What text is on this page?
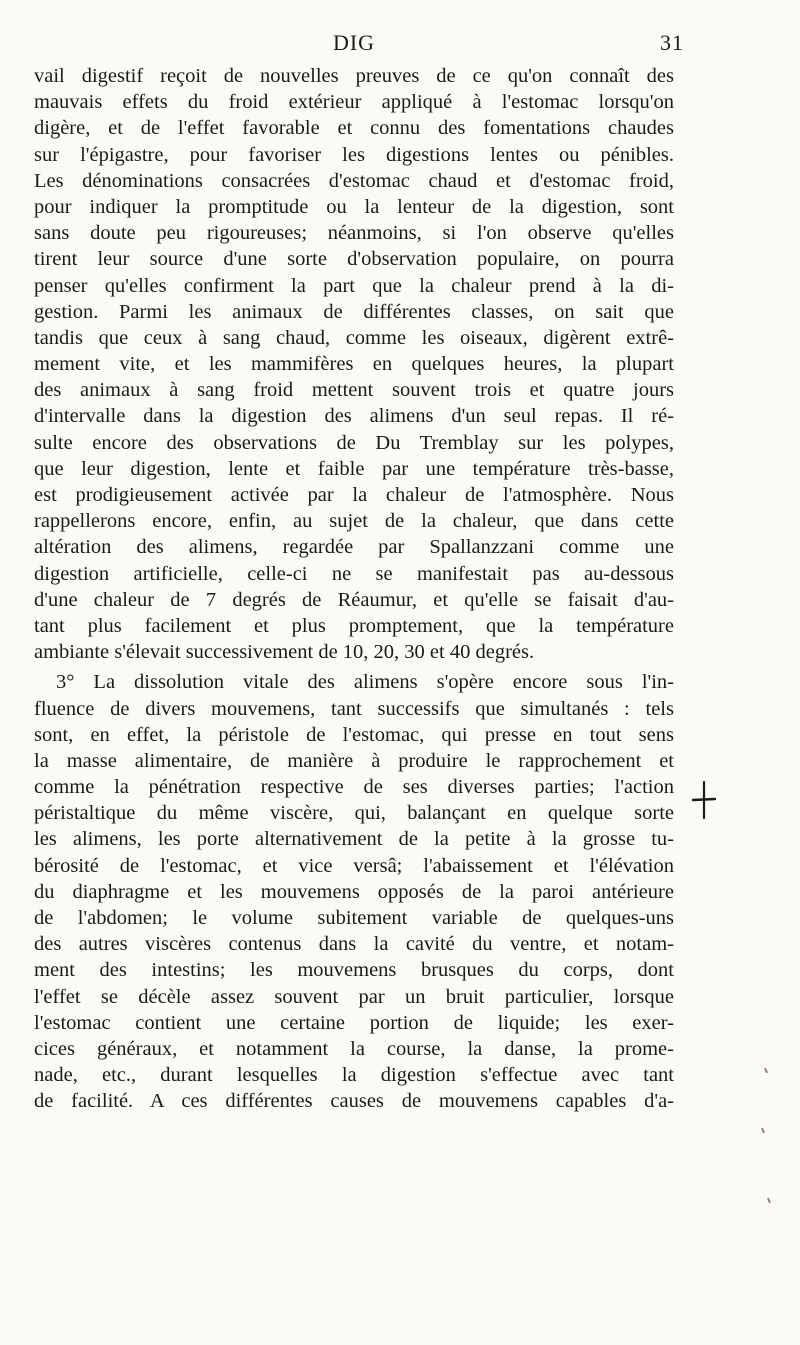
DIG	31
vail digestif reçoit de nouvelles preuves de ce qu'on connaît des
mauvais effets du froid extérieur appliqué à l'estomac lorsqu'on
digère, et de l'effet favorable et connu des fomentations chaudes
sur l'épigastre, pour favoriser les digestions lentes ou pénibles.
Les dénominations consacrées d'estomac chaud et d'estomac froid,
pour indiquer la promptitude ou la lenteur de la digestion, sont
sans doute peu rigoureuses; néanmoins, si l'on observe qu'elles
tirent leur source d'une sorte d'observation populaire, on pourra
penser qu'elles confirment la part que la chaleur prend à la di-
gestion. Parmi les animaux de différentes classes, on sait que
tandis que ceux à sang chaud, comme les oiseaux, digèrent extrê-
mement vite, et les mammifères en quelques heures, la plupart
des animaux à sang froid mettent souvent trois et quatre jours
d'intervalle dans la digestion des alimens d'un seul repas. Il ré-
sulte encore des observations de Du Tremblay sur les polypes,
que leur digestion, lente et faible par une température très-basse,
est prodigieusement activée par la chaleur de l'atmosphère. Nous
rappellerons encore, enfin, au sujet de la chaleur, que dans cette
altération des alimens, regardée par Spallanzzani comme une
digestion artificielle, celle-ci ne se manifestait pas au-dessous
d'une chaleur de 7 degrés de Réaumur, et qu'elle se faisait d'au-
tant plus facilement et plus promptement, que la température
ambiante s'élevait successivement de 10, 20, 30 et 40 degrés.
3° La dissolution vitale des alimens s'opère encore sous l'in-
fluence de divers mouvemens, tant successifs que simultanés : tels
sont, en effet, la péristole de l'estomac, qui presse en tout sens
la masse alimentaire, de manière à produire le rapprochement et
comme la pénétration respective de ses diverses parties; l'action
péristaltique du même viscère, qui, balançant en quelque sorte
les alimens, les porte alternativement de la petite à la grosse tu-
bérosité de l'estomac, et vice versâ; l'abaissement et l'élévation
du diaphragme et les mouvemens opposés de la paroi antérieure
de l'abdomen; le volume subitement variable de quelques-uns
des autres viscères contenus dans la cavité du ventre, et notam-
ment des intestins; les mouvemens brusques du corps, dont
l'effet se décèle assez souvent par un bruit particulier, lorsque
l'estomac contient une certaine portion de liquide; les exer-
cices généraux, et notamment la course, la danse, la prome-
nade, etc., durant lesquelles la digestion s'effectue avec tant
de facilité. A ces différentes causes de mouvemens capables d'a-
